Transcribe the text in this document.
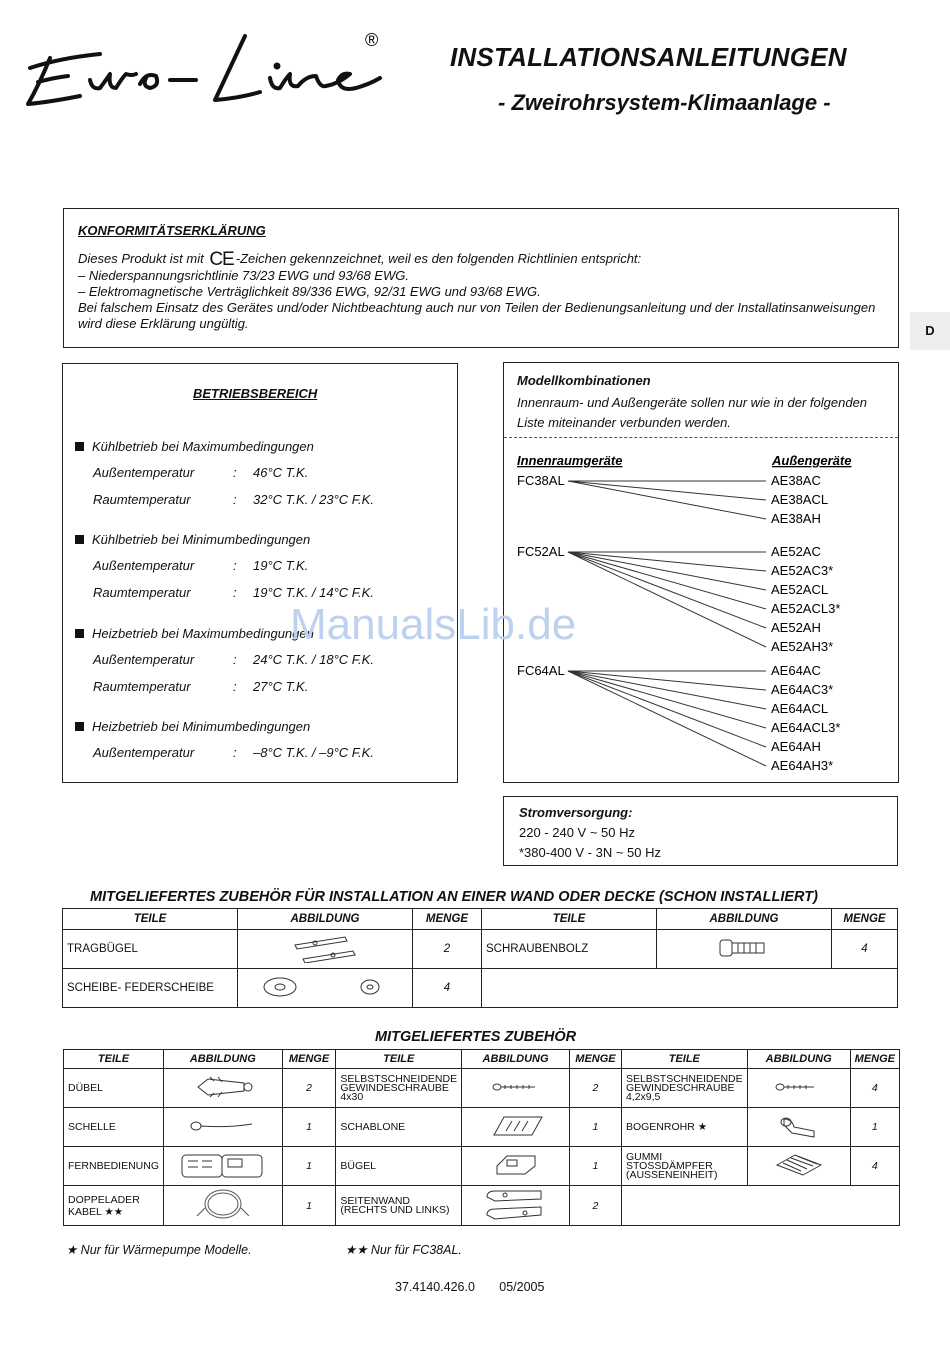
®
INSTALLATIONSANLEITUNGEN
- Zweirohrsystem-Klimaanlage -
KONFORMITÄTSERKLÄRUNG

Dieses Produkt ist mit CE -Zeichen gekennzeichnet, weil es den folgenden Richtlinien entspricht:

– Niederspannungsrichtlinie 73/23 EWG und 93/68 EWG.

– Elektromagnetische Verträglichkeit 89/336 EWG, 92/31 EWG und 93/68 EWG.

Bei falschem Einsatz des Gerätes und/oder Nichtbeachtung auch nur von Teilen der Bedienungsanleitung und der Installatinsanweisungen

wird diese Erklärung ungültig.	D
BETRIEBSBEREICH
Kühlbetrieb bei Maximumbedingungen
Außentemperatur	: 46°C T.K.
Raumtemperatur	: 32°C T.K. / 23°C F.K.
Kühlbetrieb bei Minimumbedingungen
Außentemperatur	: 19°C T.K.
Raumtemperatur	: 19°C T.K. / 14°C F.K.
Heizbetrieb bei Maximumbedingungen
Außentemperatur	: 24°C T.K. / 18°C F.K.
Raumtemperatur	: 27°C T.K.
Heizbetrieb bei Minimumbedingungen
Außentemperatur	: –8°C T.K. / –9°C F.K.
Modellkombinationen
Innenraum- und Außengeräte sollen nur wie in der folgenden Liste miteinander verbunden werden.
Innenraumgeräte	Außengeräte
FC38AL	AE38AC
AE38ACL
AE38AH
FC52AL	AE52AC
AE52AC3*
AE52ACL
AE52ACL3*
AE52AH
AE52AH3*
FC64AL	AE64AC
AE64AC3*
AE64ACL
AE64ACL3*
AE64AH
AE64AH3*
Stromversorgung:
220 - 240 V ~ 50 Hz
*380-400 V - 3N ~ 50 Hz
MITGELIEFERTES ZUBEHÖR FÜR INSTALLATION AN EINER WAND ODER DECKE (SCHON INSTALLIERT)
TEILE	ABBILDUNG	MENGE	TEILE	ABBILDUNG	MENGE
TRAGBÜGEL		2	SCHRAUBENBOLZ		4
SCHEIBE- FEDERSCHEIBE		4			
MITGELIEFERTES ZUBEHÖR
TEILE	ABBILDUNG	MENGE	TEILE	ABBILDUNG	MENGE	TEILE	ABBILDUNG	MENGE
DÜBEL		2	SELBSTSCHNEIDENDE GEWINDESCHRAUBE 4x30		2	SELBSTSCHNEIDENDE GEWINDESCHRAUBE 4,2x9,5		4
SCHELLE		1	SCHABLONE		1	BOGENROHR ★		1
FERNBEDIENUNG		1	BÜGEL		1	GUMMI STOSSDÄMPFER (AUSSENEINHEIT)		4
DOPPELADER KABEL ★★		1	SEITENWAND (RECHTS UND LINKS)		2			
★ Nur für Wärmepumpe Modelle.	★★ Nur für FC38AL.
37.4140.426.0 05/2005
ManualsLib.de
